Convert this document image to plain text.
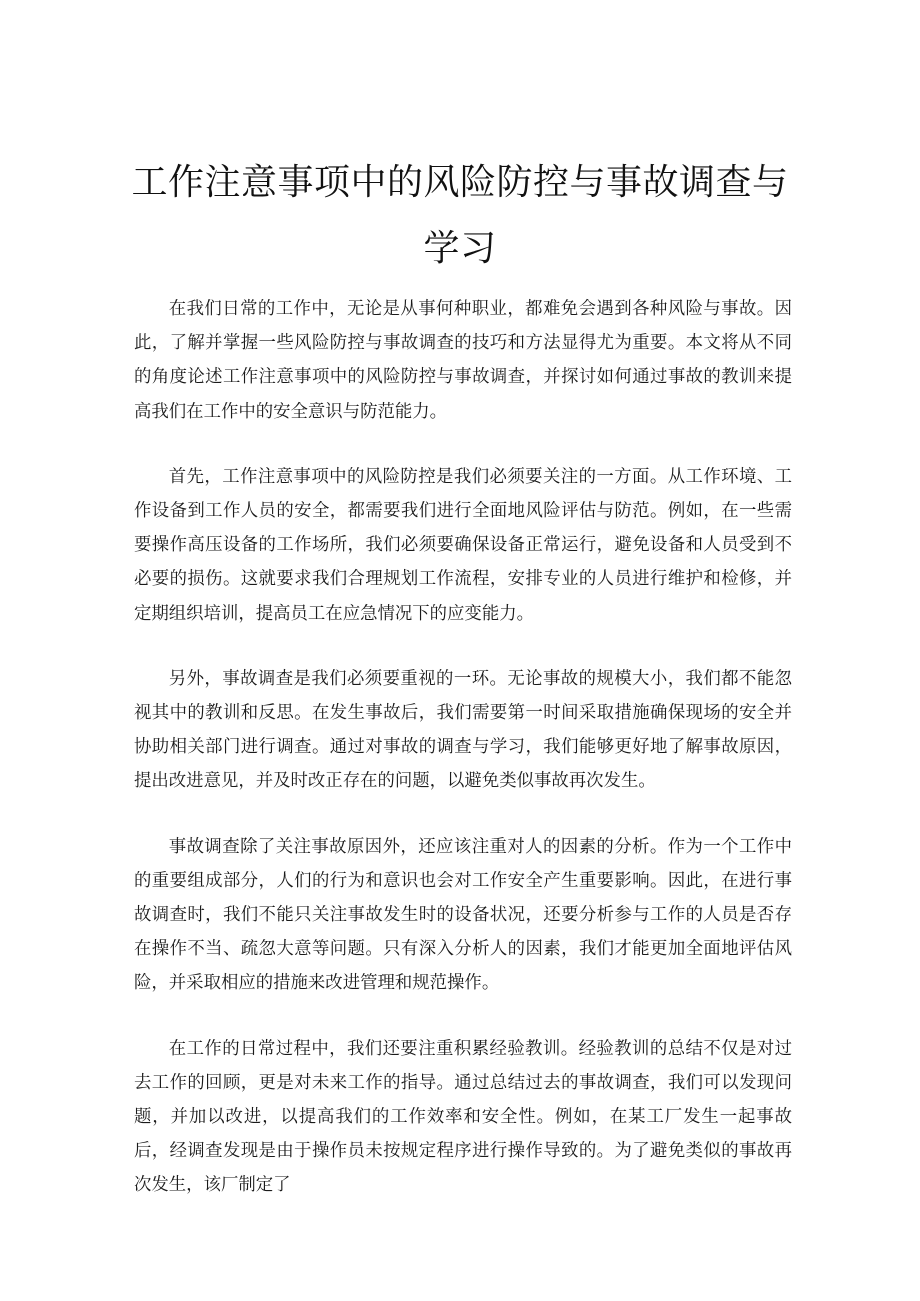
工作注意事项中的风险防控与事故调查与学习

在我们日常的工作中，无论是从事何种职业，都难免会遇到各种风险与事故。因此，了解并掌握一些风险防控与事故调查的技巧和方法显得尤为重要。本文将从不同的角度论述工作注意事项中的风险防控与事故调查，并探讨如何通过事故的教训来提高我们在工作中的安全意识与防范能力。

首先，工作注意事项中的风险防控是我们必须要关注的一方面。从工作环境、工作设备到工作人员的安全，都需要我们进行全面地风险评估与防范。例如，在一些需要操作高压设备的工作场所，我们必须要确保设备正常运行，避免设备和人员受到不必要的损伤。这就要求我们合理规划工作流程，安排专业的人员进行维护和检修，并定期组织培训，提高员工在应急情况下的应变能力。

另外，事故调查是我们必须要重视的一环。无论事故的规模大小，我们都不能忽视其中的教训和反思。在发生事故后，我们需要第一时间采取措施确保现场的安全并协助相关部门进行调查。通过对事故的调查与学习，我们能够更好地了解事故原因，提出改进意见，并及时改正存在的问题，以避免类似事故再次发生。

事故调查除了关注事故原因外，还应该注重对人的因素的分析。作为一个工作中的重要组成部分，人们的行为和意识也会对工作安全产生重要影响。因此，在进行事故调查时，我们不能只关注事故发生时的设备状况，还要分析参与工作的人员是否存在操作不当、疏忽大意等问题。只有深入分析人的因素，我们才能更加全面地评估风险，并采取相应的措施来改进管理和规范操作。

在工作的日常过程中，我们还要注重积累经验教训。经验教训的总结不仅是对过去工作的回顾，更是对未来工作的指导。通过总结过去的事故调查，我们可以发现问题，并加以改进，以提高我们的工作效率和安全性。例如，在某工厂发生一起事故后，经调查发现是由于操作员未按规定程序进行操作导致的。为了避免类似的事故再次发生，该厂制定了
